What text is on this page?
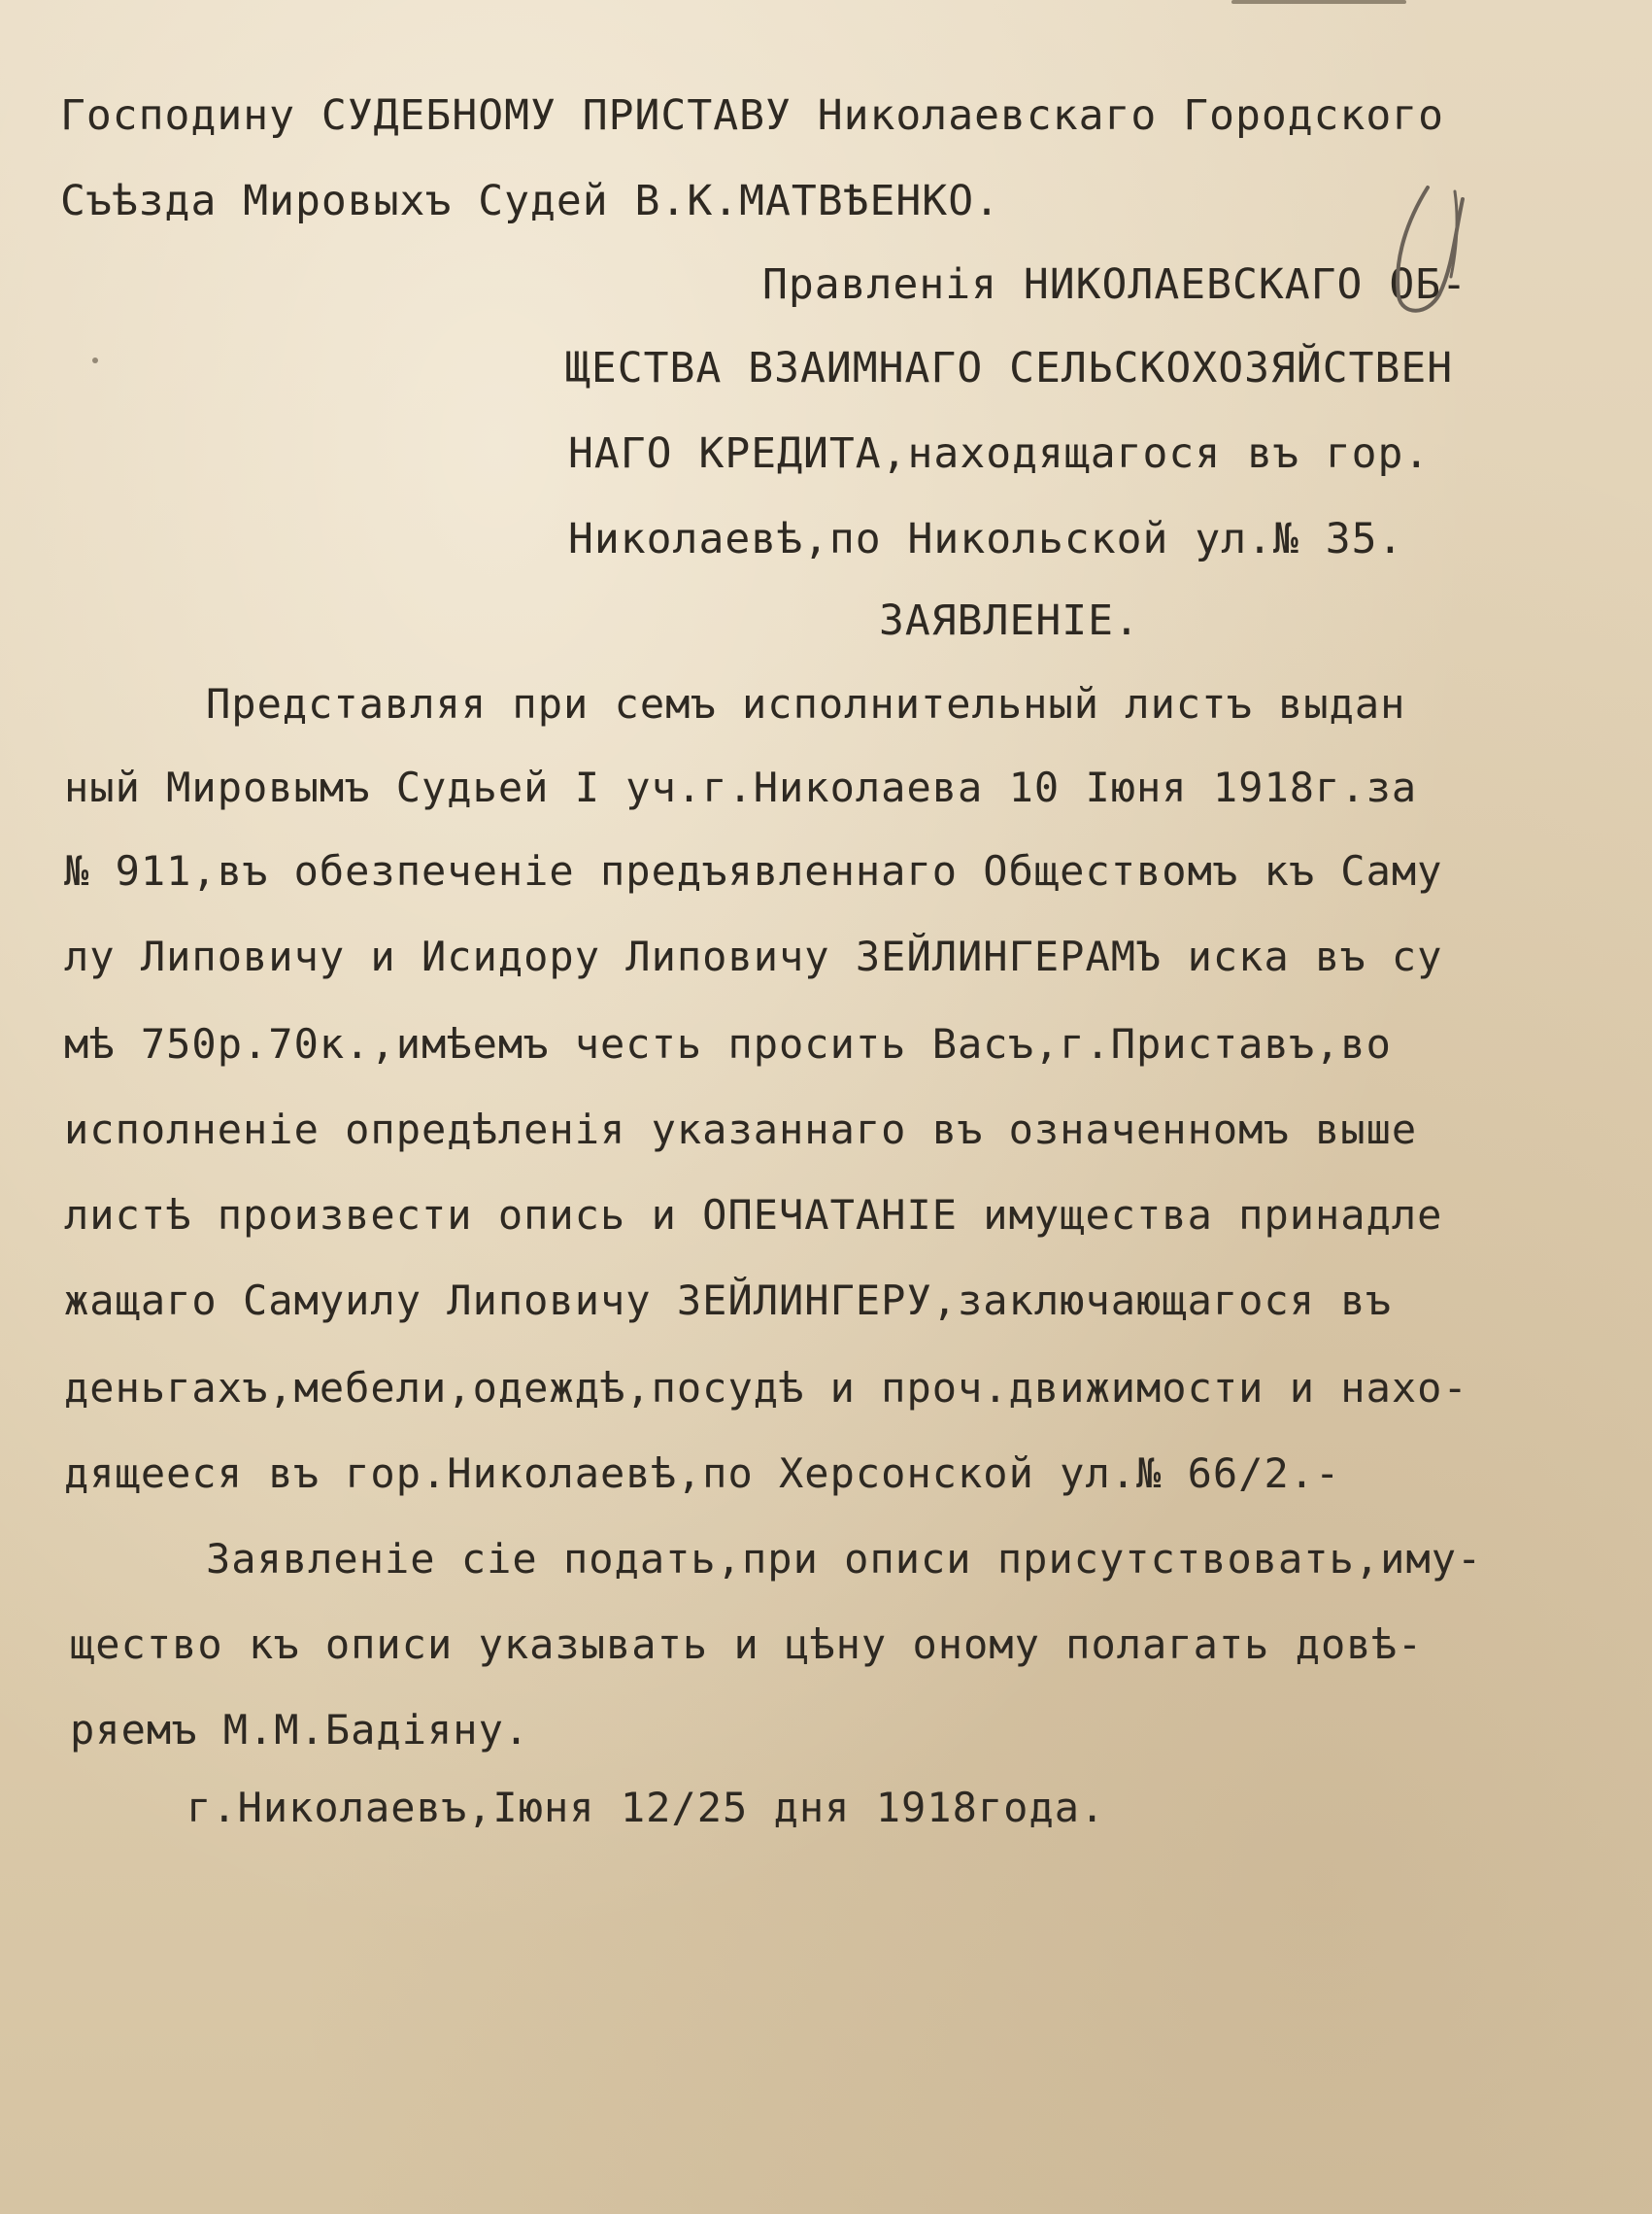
Господину СУДЕБНОМУ ПРИСТАВУ Николаевскаго Городского
Съѣзда Мировыхъ Судей В.К.МАТВѢЕНКО.
Правленія НИКОЛАЕВСКАГО ОБ-
ЩЕСТВА ВЗАИМНАГО СЕЛЬСКОХОЗЯЙСТВЕН
НАГО КРЕДИТА,находящагося въ гор.
Николаевѣ,по Никольской ул.№ 35.
ЗАЯВЛЕНІЕ.
Представляя при семъ исполнительный листъ выдан
ный Мировымъ Судьей I уч.г.Николаева 10 Іюня 1918г.за
№ 911,въ обезпеченіе предъявленнаго Обществомъ къ Саму
лу Липовичу и Исидору Липовичу ЗЕЙЛИНГЕРАМЪ иска въ су
мѣ 750р.70к.,имѣемъ честь просить Васъ,г.Приставъ,во
исполненіе опредѣленія указаннаго въ означенномъ выше
листѣ произвести опись и ОПЕЧАТАНІЕ имущества принадле
жащаго Самуилу Липовичу ЗЕЙЛИНГЕРУ,заключающагося въ
деньгахъ,мебели,одеждѣ,посудѣ и проч.движимости и нахо-
дящееся въ гор.Николаевѣ,по Херсонской ул.№ 66/2.-
Заявленіе сіе подать,при описи присутствовать,иму-
щество къ описи указывать и цѣну оному полагать довѣ-
ряемъ М.М.Бадіяну.
г.Николаевъ,Іюня 12/25 дня 1918года.
